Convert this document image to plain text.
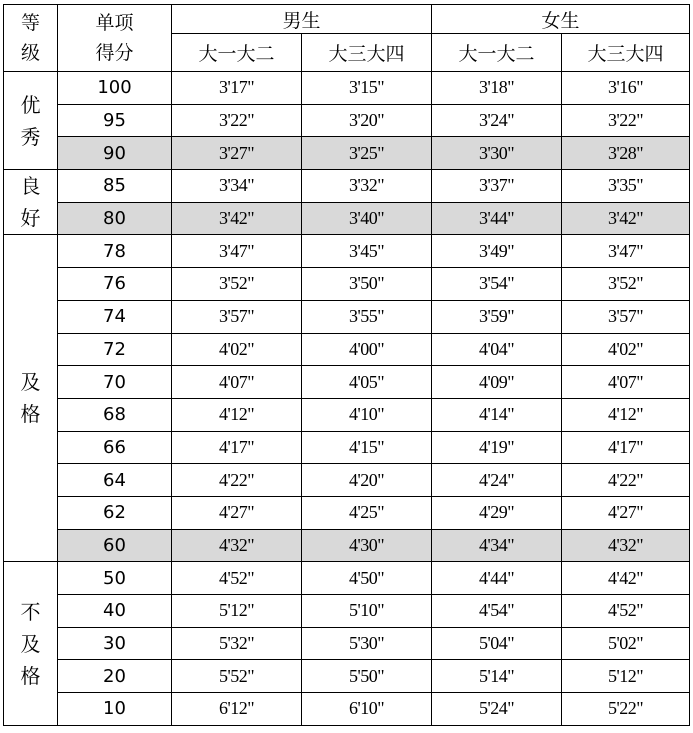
等级	单项得分	男生		女生	
		大一大二	大三大四	大一大二	大三大四

优秀	100	3'17"	3'15"	3'18"	3'16"
	95	3'22"	3'20"	3'24"	3'22"
	90	3'27"	3'25"	3'30"	3'28"

良好	85	3'34"	3'32"	3'37"	3'35"
	80	3'42"	3'40"	3'44"	3'42"

及格	78	3'47"	3'45"	3'49"	3'47"
	76	3'52"	3'50"	3'54"	3'52"
	74	3'57"	3'55"	3'59"	3'57"
	72	4'02"	4'00"	4'04"	4'02"
	70	4'07"	4'05"	4'09"	4'07"
	68	4'12"	4'10"	4'14"	4'12"
	66	4'17"	4'15"	4'19"	4'17"
	64	4'22"	4'20"	4'24"	4'22"
	62	4'27"	4'25"	4'29"	4'27"
	60	4'32"	4'30"	4'34"	4'32"

不及格	50	4'52"	4'50"	4'44"	4'42"
	40	5'12"	5'10"	4'54"	4'52"
	30	5'32"	5'30"	5'04"	5'02"
	20	5'52"	5'50"	5'14"	5'12"
	10	6'12"	6'10"	5'24"	5'22"
